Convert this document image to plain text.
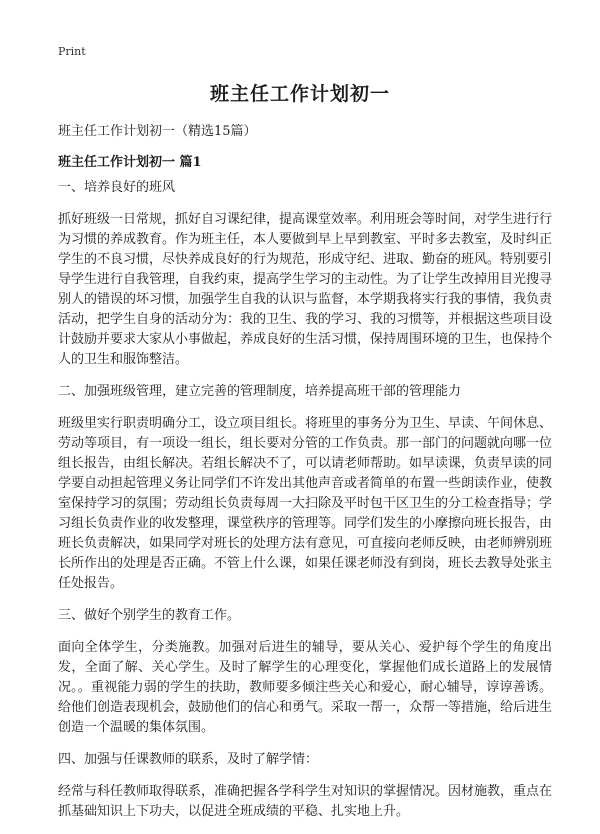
Print
班主任工作计划初一
班主任工作计划初一（精选15篇）
班主任工作计划初一 篇1

一、培养良好的班风

抓好班级一日常规，抓好自习课纪律，提高课堂效率。利用班会等时间，对学生进行行为习惯的养成教育。作为班主任，本人要做到早上早到教室、平时多去教室，及时纠正学生的不良习惯，尽快养成良好的行为规范，形成守纪、进取、勤奋的班风。特别要引导学生进行自我管理，自我约束，提高学生学习的主动性。为了让学生改掉用目光搜寻别人的错误的坏习惯，加强学生自我的认识与监督，本学期我将实行我的事情，我负责活动，把学生自身的活动分为：我的卫生、我的学习、我的习惯等，并根据这些项目设计鼓励并要求大家从小事做起，养成良好的生活习惯，保持周围环境的卫生，也保持个人的卫生和服饰整洁。

二、加强班级管理，建立完善的管理制度，培养提高班干部的管理能力

班级里实行职责明确分工，设立项目组长。将班里的事务分为卫生、早读、午间休息、劳动等项目，有一项设一组长，组长要对分管的工作负责。那一部门的问题就向哪一位组长报告，由组长解决。若组长解决不了，可以请老师帮助。如早读课，负责早读的同学要自动担起管理义务让同学们不许发出其他声音或者简单的布置一些朗读作业，使教室保持学习的氛围；劳动组长负责每周一大扫除及平时包干区卫生的分工检查指导；学习组长负责作业的收发整理，课堂秩序的管理等。同学们发生的小摩擦向班长报告，由班长负责解决，如果同学对班长的处理方法有意见，可直接向老师反映，由老师辨别班长所作出的处理是否正确。不管上什么课，如果任课老师没有到岗，班长去教导处张主任处报告。

三、做好个别学生的教育工作。

面向全体学生，分类施教。加强对后进生的辅导，要从关心、爱护每个学生的角度出发，全面了解、关心学生。及时了解学生的心理变化，掌握他们成长道路上的发展情况。。重视能力弱的学生的扶助，教师要多倾注些关心和爱心，耐心辅导，谆谆善诱。给他们创造表现机会，鼓励他们的信心和勇气。采取一帮一，众帮一等措施，给后进生创造一个温暖的集体氛围。

四、加强与任课教师的联系，及时了解学情：

经常与科任教师取得联系，准确把握各学科学生对知识的掌握情况。因材施教，重点在抓基础知识上下功夫，以促进全班成绩的平稳、扎实地上升。
